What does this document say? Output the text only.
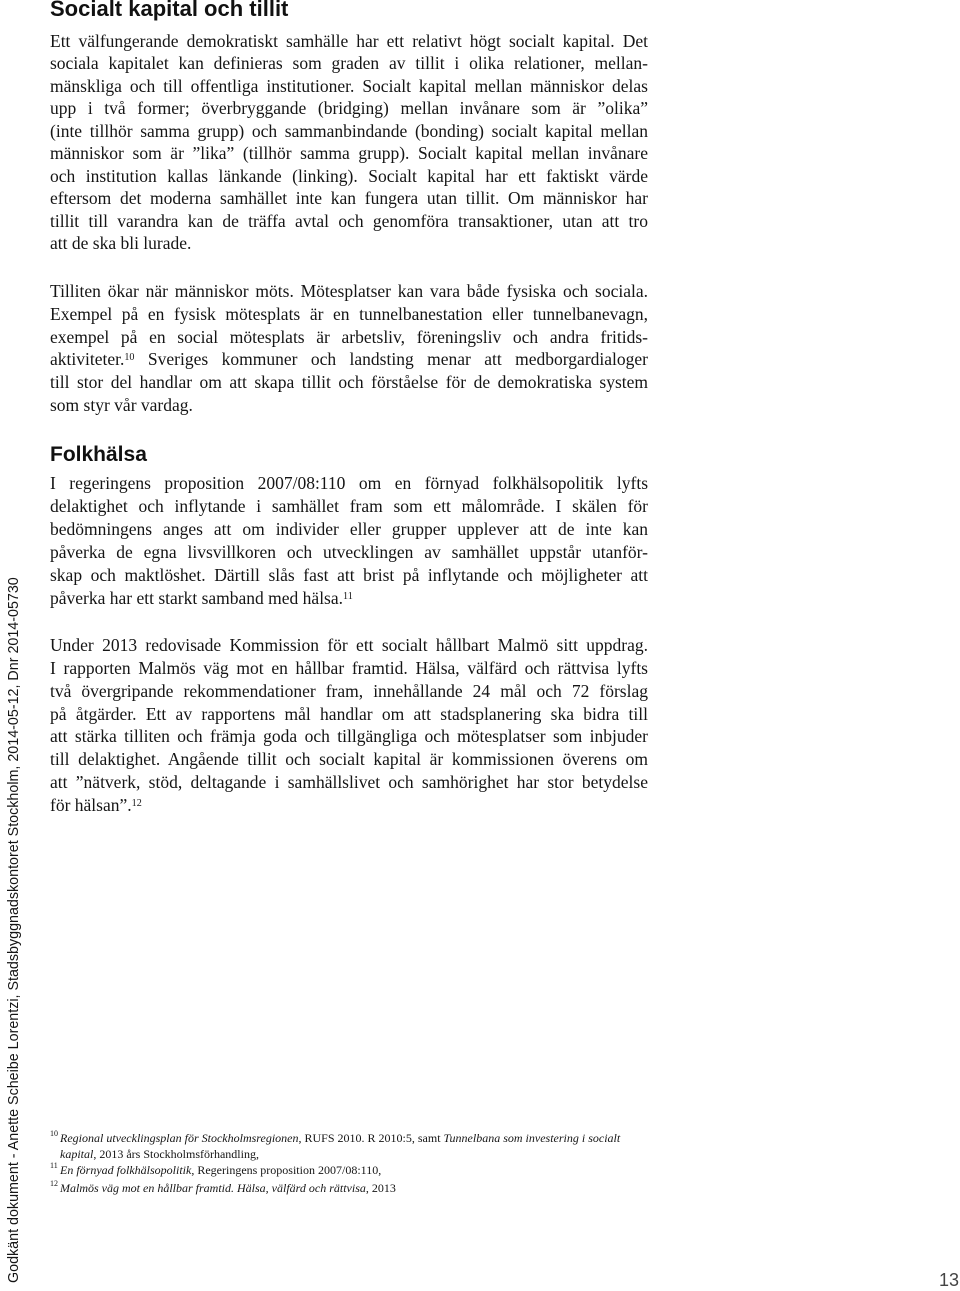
Socialt kapital och tillit
Ett välfungerande demokratiskt samhälle har ett relativt högt socialt kapital. Det
sociala kapitalet kan definieras som graden av tillit i olika relationer, mellan-
mänskliga och till offentliga institutioner. Socialt kapital mellan människor delas
upp i två former; överbryggande (bridging) mellan invånare som är ”olika”
(inte tillhör samma grupp) och sammanbindande (bonding) socialt kapital mellan
människor som är ”lika” (tillhör samma grupp). Socialt kapital mellan invånare
och institution kallas länkande (linking). Socialt kapital har ett faktiskt värde
eftersom det moderna samhället inte kan fungera utan tillit. Om människor har
tillit till varandra kan de träffa avtal och genomföra transaktioner, utan att tro
att de ska bli lurade.
Tilliten ökar när människor möts. Mötesplatser kan vara både fysiska och sociala.
Exempel på en fysisk mötesplats är en tunnelbanestation eller tunnelbanevagn,
exempel på en social mötesplats är arbetsliv, föreningsliv och andra fritids-
aktiviteter.$^{10}$ Sveriges kommuner och landsting menar att medborgardialoger
till stor del handlar om att skapa tillit och förståelse för de demokratiska system
som styr vår vardag.
Folkhälsa
I regeringens proposition 2007/08:110 om en förnyad folkhälsopolitik lyfts
delaktighet och inflytande i samhället fram som ett målområde. I skälen för
bedömningens anges att om individer eller grupper upplever att de inte kan
påverka de egna livsvillkoren och utvecklingen av samhället uppstår utanför-
skap och maktlöshet. Därtill slås fast att brist på inflytande och möjligheter att
påverka har ett starkt samband med hälsa.$^{11}$
Under 2013 redovisade Kommission för ett socialt hållbart Malmö sitt uppdrag.
I rapporten Malmös väg mot en hållbar framtid. Hälsa, välfärd och rättvisa lyfts
två övergripande rekommendationer fram, innehållande 24 mål och 72 förslag
på åtgärder. Ett av rapportens mål handlar om att stadsplanering ska bidra till
att stärka tilliten och främja goda och tillgängliga och mötesplatser som inbjuder
till delaktighet. Angående tillit och socialt kapital är kommissionen överens om
att ”nätverk, stöd, deltagande i samhällslivet och samhörighet har stor betydelse
för hälsan”.$^{12}$
10 Regional utvecklingsplan för Stockholmsregionen, RUFS 2010. R 2010:5, samt Tunnelbana som investering i socialt
kapital, 2013 års Stockholmsförhandling,
11 En förnyad folkhälsopolitik, Regeringens proposition 2007/08:110,
12 Malmös väg mot en hållbar framtid. Hälsa, välfärd och rättvisa, 2013
Godkänt dokument - Anette Scheibe Lorentzi, Stadsbyggnadskontoret Stockholm, 2014-05-12, Dnr 2014-05730	13
